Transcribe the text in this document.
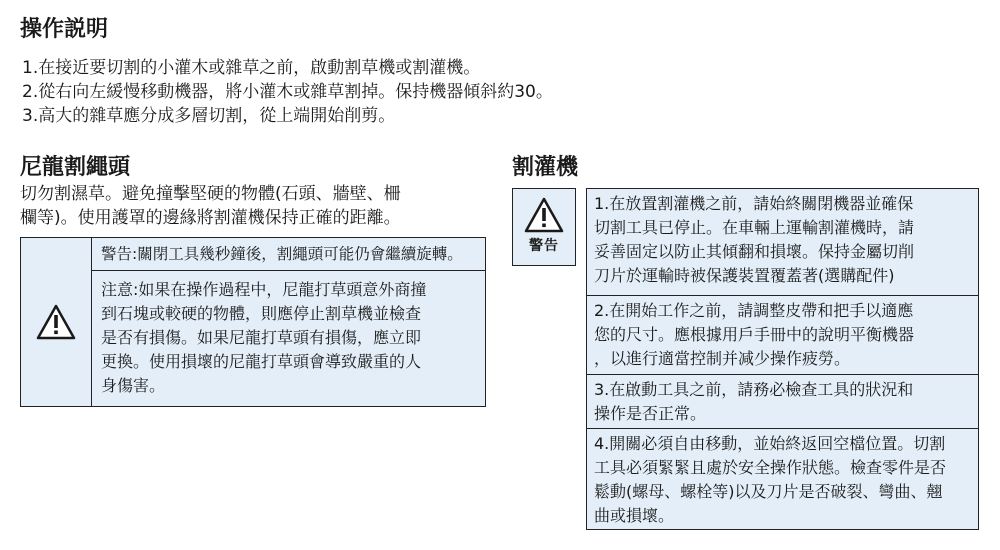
操作説明
1.在接近要切割的小灌木或雜草之前，啟動割草機或割灌機。
2.從右向左緩慢移動機器，將小灌木或雜草割掉。保持機器傾斜約30。
3.高大的雜草應分成多層切割，從上端開始削剪。
尼龍割繩頭
切勿割濕草。避免撞擊堅硬的物體(石頭、牆壁、柵
欄等)。使用護罩的邊緣將割灌機保持正確的距離。
警告:關閉工具幾秒鐘後，割繩頭可能仍會繼續旋轉。
注意:如果在操作過程中，尼龍打草頭意外商撞
到石塊或較硬的物體，則應停止割草機並檢查
是否有損傷。如果尼龍打草頭有損傷，應立即
更換。使用損壞的尼龍打草頭會導致嚴重的人
身傷害。
割灌機
警告
1.在放置割灌機之前，請始終關閉機器並確保
切割工具已停止。在車輛上運輸割灌機時，請
妥善固定以防止其傾翻和損壞。保持金屬切削
刀片於運輸時被保護裝置覆蓋著(選購配件)
2.在開始工作之前，請調整皮帶和把手以適應
您的尺寸。應根據用戶手冊中的說明平衡機器
，以進行適當控制并减少操作疲勞。
3.在啟動工具之前，請務必檢查工具的狀況和
操作是否正常。
4.開關必須自由移動，並始終返回空檔位置。切割
工具必須緊緊且處於安全操作狀態。檢查零件是否
鬆動(螺母、螺栓等)以及刀片是否破裂、彎曲、翹
曲或損壞。
